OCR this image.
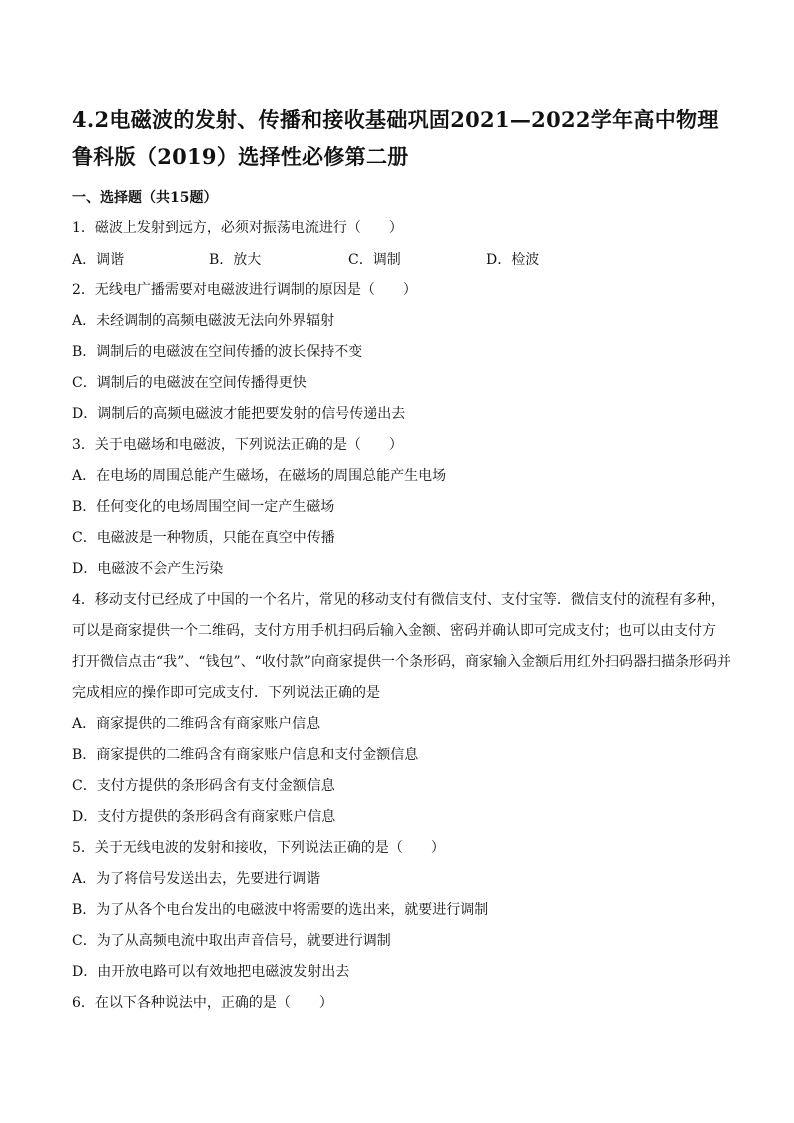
4.2电磁波的发射、传播和接收基础巩固2021—2022学年高中物理鲁科版（2019）选择性必修第二册
一、选择题（共15题）
1．磁波上发射到远方，必须对振荡电流进行（　　）
A．调谐	B．放大	C．调制	D．检波
2．无线电广播需要对电磁波进行调制的原因是（　　）
A．未经调制的高频电磁波无法向外界辐射
B．调制后的电磁波在空间传播的波长保持不变
C．调制后的电磁波在空间传播得更快
D．调制后的高频电磁波才能把要发射的信号传递出去
3．关于电磁场和电磁波，下列说法正确的是（　　）
A．在电场的周围总能产生磁场，在磁场的周围总能产生电场
B．任何变化的电场周围空间一定产生磁场
C．电磁波是一种物质，只能在真空中传播
D．电磁波不会产生污染
4．移动支付已经成了中国的一个名片，常见的移动支付有微信支付、支付宝等．微信支付的流程有多种，
可以是商家提供一个二维码，支付方用手机扫码后输入金额、密码并确认即可完成支付；也可以由支付方
打开微信点击“我”、“钱包”、“收付款”向商家提供一个条形码，商家输入金额后用红外扫码器扫描条形码并
完成相应的操作即可完成支付．下列说法正确的是
A．商家提供的二维码含有商家账户信息
B．商家提供的二维码含有商家账户信息和支付金额信息
C．支付方提供的条形码含有支付金额信息
D．支付方提供的条形码含有商家账户信息
5．关于无线电波的发射和接收，下列说法正确的是（　　）
A．为了将信号发送出去，先要进行调谐
B．为了从各个电台发出的电磁波中将需要的选出来，就要进行调制
C．为了从高频电流中取出声音信号，就要进行调制
D．由开放电路可以有效地把电磁波发射出去
6．在以下各种说法中，正确的是（　　）
